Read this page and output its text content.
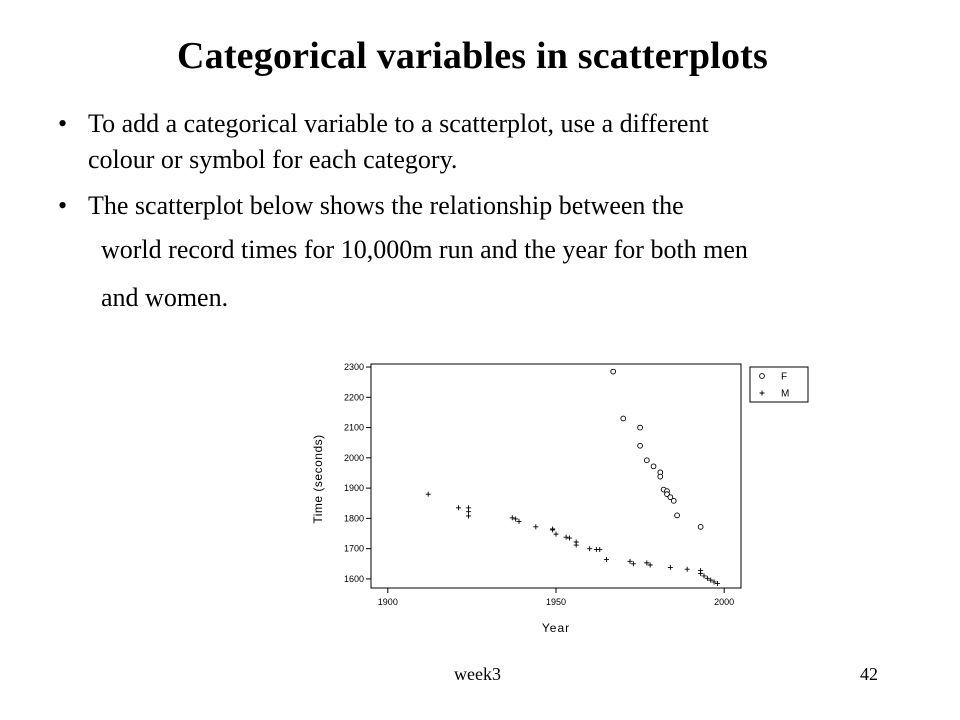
Categorical variables in scatterplots
• To add a categorical variable to a scatterplot, use a different
colour or symbol for each category.
• The scatterplot below shows the relationship between the
world record times for 10,000m run and the year for both men
and women.
1600
1700
1800
1900
2000
2100
2200
2300
1900	1950	2000
Year
Time (seconds)
F
M
week3	42
